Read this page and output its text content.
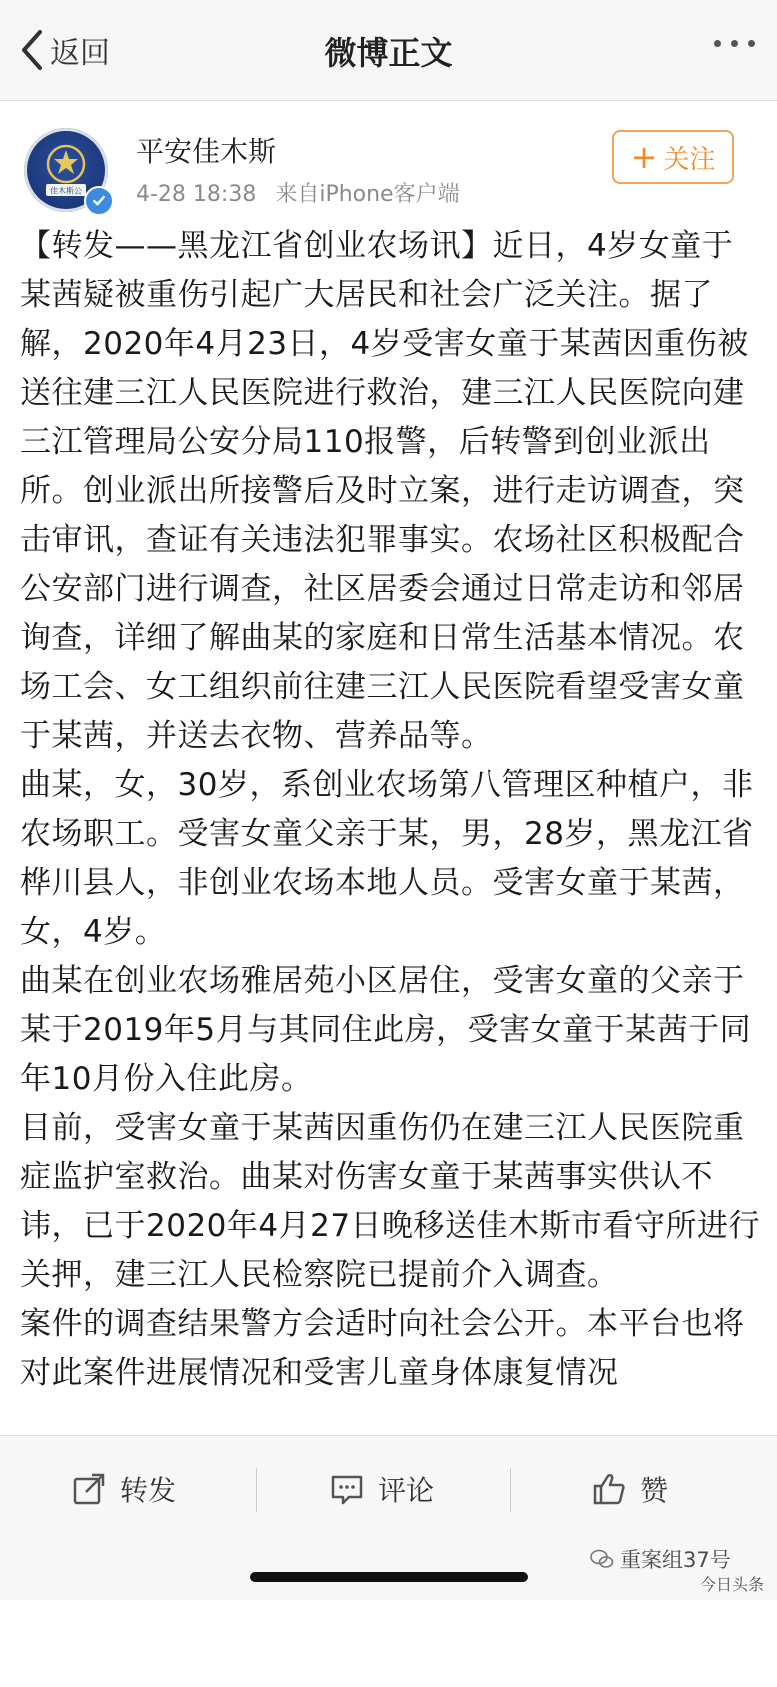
返回	微博正文
佳木斯公
平安佳木斯
4-28 18:38 来自iPhone客户端
+ 关注

【转发——黑龙江省创业农场讯】近日，4岁女童于某茜疑被重伤引起广大居民和社会广泛关注。据了解，2020年4月23日，4岁受害女童于某茜因重伤被送往建三江人民医院进行救治，建三江人民医院向建三江管理局公安分局110报警，后转警到创业派出所。创业派出所接警后及时立案，进行走访调查，突击审讯，查证有关违法犯罪事实。农场社区积极配合公安部门进行调查，社区居委会通过日常走访和邻居询查，详细了解曲某的家庭和日常生活基本情况。农场工会、女工组织前往建三江人民医院看望受害女童于某茜，并送去衣物、营养品等。

曲某，女，30岁，系创业农场第八管理区种植户，非农场职工。受害女童父亲于某，男，28岁，黑龙江省桦川县人，非创业农场本地人员。受害女童于某茜，女，4岁。

曲某在创业农场雅居苑小区居住，受害女童的父亲于某于2019年5月与其同住此房，受害女童于某茜于同年10月份入住此房。

目前，受害女童于某茜因重伤仍在建三江人民医院重症监护室救治。曲某对伤害女童于某茜事实供认不讳，已于2020年4月27日晚移送佳木斯市看守所进行关押，建三江人民检察院已提前介入调查。

案件的调查结果警方会适时向社会公开。本平台也将对此案件进展情况和受害儿童身体康复情况

转发	评论	赞
重案组37号
今日头条
